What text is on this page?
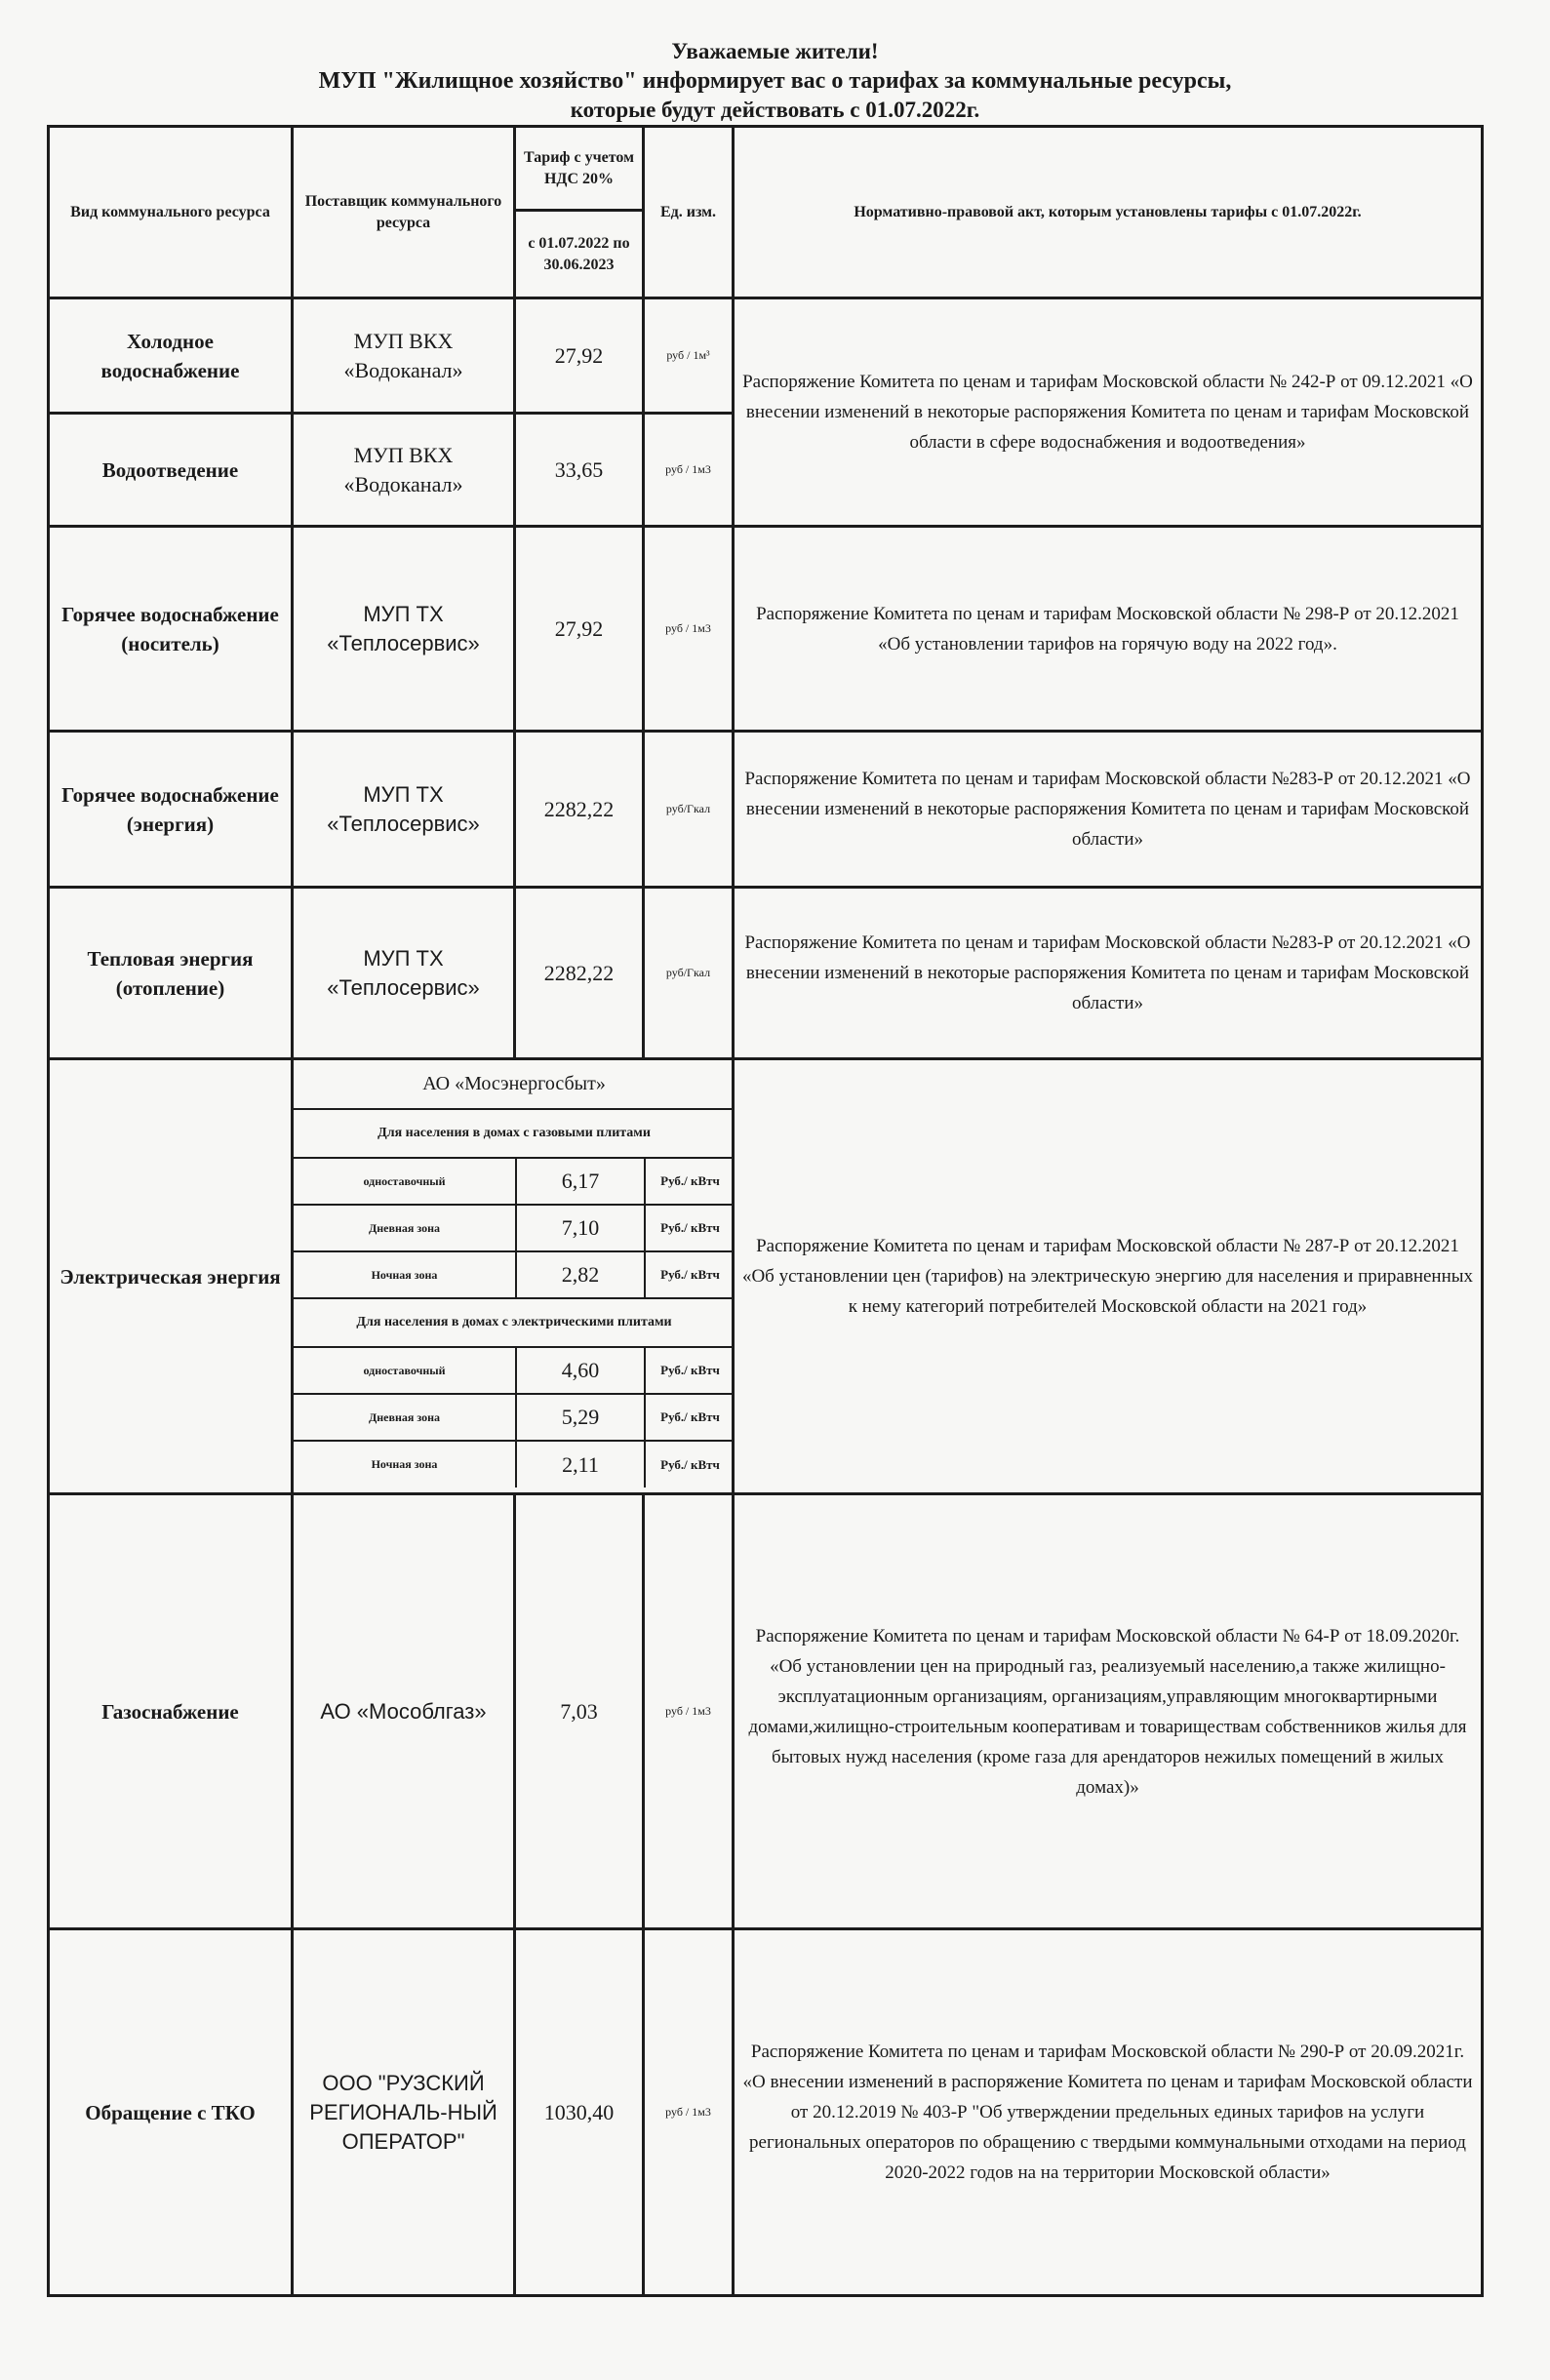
Уважаемые жители!
МУП "Жилищное хозяйство" информирует вас о тарифах за коммунальные ресурсы,
которые будут действовать с 01.07.2022г.
Вид коммунального ресурса	Поставщик коммунального ресурса	Тариф с учетом НДС 20%	Ед. изм.	Нормативно-правовой акт, которым установлены тарифы с 01.07.2022г.
с 01.07.2022 по 30.06.2023
Холодное водоснабжение	МУП ВКХ «Водоканал»	27,92	руб / 1м³	Распоряжение Комитета по ценам и тарифам Московской области № 242-Р от 09.12.2021 «О внесении изменений в некоторые распоряжения Комитета по ценам и тарифам Московской области в сфере водоснабжения и водоотведения»
Водоотведение	МУП ВКХ «Водоканал»	33,65	руб / 1м3
Горячее водоснабжение (носитель)	МУП ТХ «Теплосервис»	27,92	руб / 1м3	Распоряжение Комитета по ценам и тарифам Московской области № 298-Р от 20.12.2021 «Об установлении тарифов на горячую воду на 2022 год».
Горячее водоснабжение (энергия)	МУП ТХ «Теплосервис»	2282,22	руб/Гкал	Распоряжение Комитета по ценам и тарифам Московской области №283-Р от 20.12.2021 «О внесении изменений в некоторые распоряжения Комитета по ценам и тарифам Московской области»
Тепловая энергия (отопление)	МУП ТХ «Теплосервис»	2282,22	руб/Гкал	Распоряжение Комитета по ценам и тарифам Московской области №283-Р от 20.12.2021 «О внесении изменений в некоторые распоряжения Комитета по ценам и тарифам Московской области»
Электрическая энергия	
АО «Мосэнергосбыт»
Для населения в домах с газовыми плитами
одноставочный	6,17	Руб./ кВтч
Дневная зона	7,10	Руб./ кВтч
Ночная зона	2,82	Руб./ кВтч
Для населения в домах с электрическими плитами
одноставочный	4,60	Руб./ кВтч
Дневная зона	5,29	Руб./ кВтч
Ночная зона	2,11	Руб./ кВтч
	Распоряжение Комитета по ценам и тарифам Московской области № 287-Р от 20.12.2021 «Об установлении цен (тарифов) на электрическую энергию для населения и приравненных к нему категорий потребителей Московской области на 2021 год»
Газоснабжение	АО «Мособлгаз»	7,03	руб / 1м3	Распоряжение Комитета по ценам и тарифам Московской области № 64-Р от 18.09.2020г. «Об установлении цен на природный газ, реализуемый населению,а также жилищно-эксплуатационным организациям, организациям,управляющим многоквартирными домами,жилищно-строительным кооперативам и товариществам собственников жилья для бытовых нужд населения (кроме газа для арендаторов нежилых помещений в жилых домах)»
Обращение с ТКО	ООО "РУЗСКИЙ РЕГИОНАЛЬ-НЫЙ ОПЕРАТОР"	1030,40	руб / 1м3	Распоряжение Комитета по ценам и тарифам Московской области № 290-Р от 20.09.2021г. «О внесении изменений в распоряжение Комитета по ценам и тарифам Московской области от 20.12.2019 № 403-Р "Об утверждении предельных единых тарифов на услуги региональных операторов по обращению с твердыми коммунальными отходами на период 2020-2022 годов на на территории Московской области»
